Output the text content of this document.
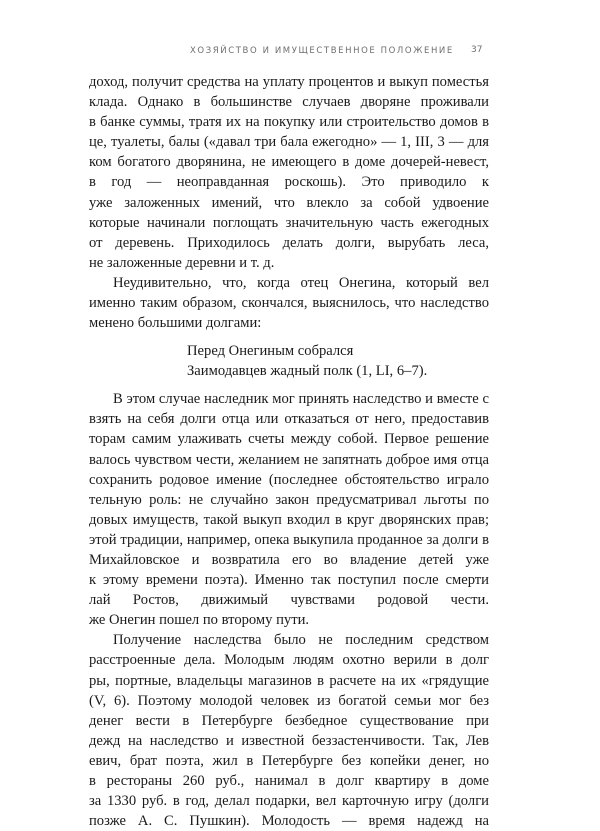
ХОЗЯЙСТВО И ИМУЩЕСТВЕННОЕ ПОЛОЖЕНИЕ 37
доход, получит средства на уплату процентов и выкуп поместья
клада. Однако в большинстве случаев дворяне проживали
в банке суммы, тратя их на покупку или строительство домов в
це, туалеты, балы («давал три бала ежегодно» — 1, III, 3 — для
ком богатого дворянина, не имеющего в доме дочерей-невест,
в год — неоправданная роскошь). Это приводило к
уже заложенных имений, что влекло за собой удвоение
которые начинали поглощать значительную часть ежегодных
от деревень. Приходилось делать долги, вырубать леса,
не заложенные деревни и т. д.
Неудивительно, что, когда отец Онегина, который вел
именно таким образом, скончался, выяснилось, что наследство
менено большими долгами:
Перед Онегиным собрался
Заимодавцев жадный полк (1, LI, 6–7).
В этом случае наследник мог принять наследство и вместе с
взять на себя долги отца или отказаться от него, предоставив
торам самим улаживать счеты между собой. Первое решение
валось чувством чести, желанием не запятнать доброе имя отца
сохранить родовое имение (последнее обстоятельство играло
тельную роль: не случайно закон предусматривал льготы по
довых имуществ, такой выкуп входил в круг дворянских прав;
этой традиции, например, опека выкупила проданное за долги в
Михайловское и возвратила его во владение детей уже
к этому времени поэта). Именно так поступил после смерти
лай Ростов, движимый чувствами родовой чести.
же Онегин пошел по второму пути.
Получение наследства было не последним средством
расстроенные дела. Молодым людям охотно верили в долг
ры, портные, владельцы магазинов в расчете на их «грядущие
(V, 6). Поэтому молодой человек из богатой семьи мог без
денег вести в Петербурге безбедное существование при
дежд на наследство и известной беззастенчивости. Так, Лев
евич, брат поэта, жил в Петербурге без копейки денег, но
в рестораны 260 руб., нанимал в долг квартиру в доме
за 1330 руб. в год, делал подарки, вел карточную игру (долги
позже А. С. Пушкин). Молодость — время надежд на
